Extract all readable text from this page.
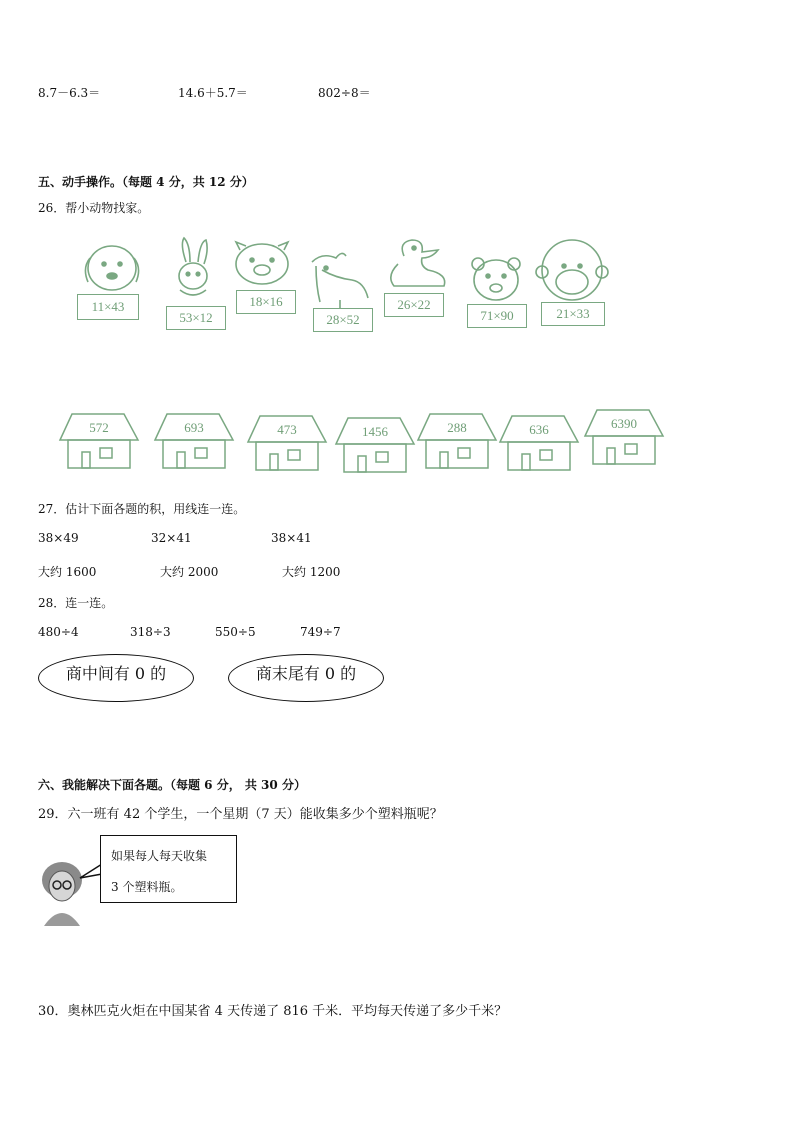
8.7－6.3＝	14.6＋5.7＝	802÷8＝
五、动手操作。（每题 4 分，共 12 分）
26．帮小动物找家。
11×43
53×12
18×16
28×52
26×22
71×90	21×33
572	693	473	1456	288	636	6390
27．估计下面各题的积，用线连一连。
38×49	32×41	38×41
大约 1600	大约 2000	大约 1200
28．连一连。
480÷4	318÷3	550÷5	749÷7
商中间有 0 的	商末尾有 0 的
六、我能解决下面各题。（每题 6 分， 共 30 分）
29．六一班有 42 个学生，一个星期（7 天）能收集多少个塑料瓶呢？
如果每人每天收集
3 个塑料瓶。
30．奥林匹克火炬在中国某省 4 天传递了 816 千米．平均每天传递了多少千米？
